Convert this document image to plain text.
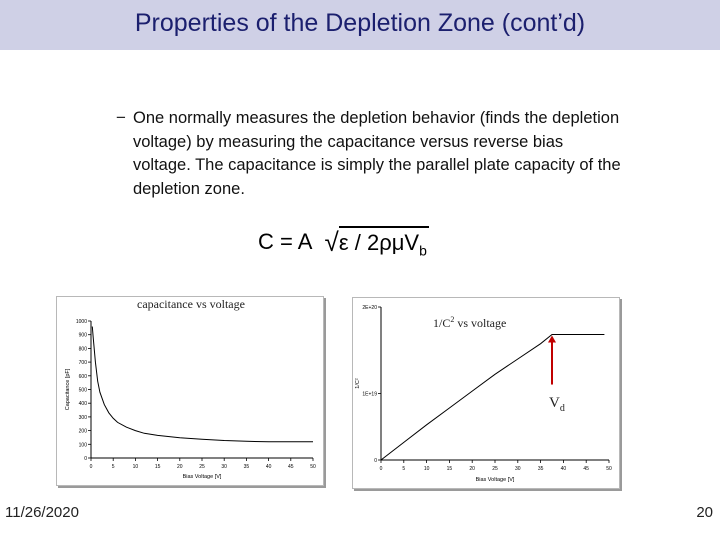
Properties of the Depletion Zone (cont’d)
− One normally measures the depletion behavior (finds the depletion voltage) by measuring the capacitance versus reverse bias voltage. The capacitance is simply the parallel plate capacity of the depletion zone.
C = A √ε / 2ρμV$_b$
0
100
200
300
400
500
600
700
800
900
1000
0	5	10	15	20	25	30	35	40	45	50
Bias Voltage [V]
Capacitance [pF]
capacitance vs voltage
0
1E+19
2E+20
0	5	10	15	20	25	30	35	40	45	50
Bias Voltage [V]
1/C²
$1/C^2$ vs voltage
$V_d$
11/26/2020	20
